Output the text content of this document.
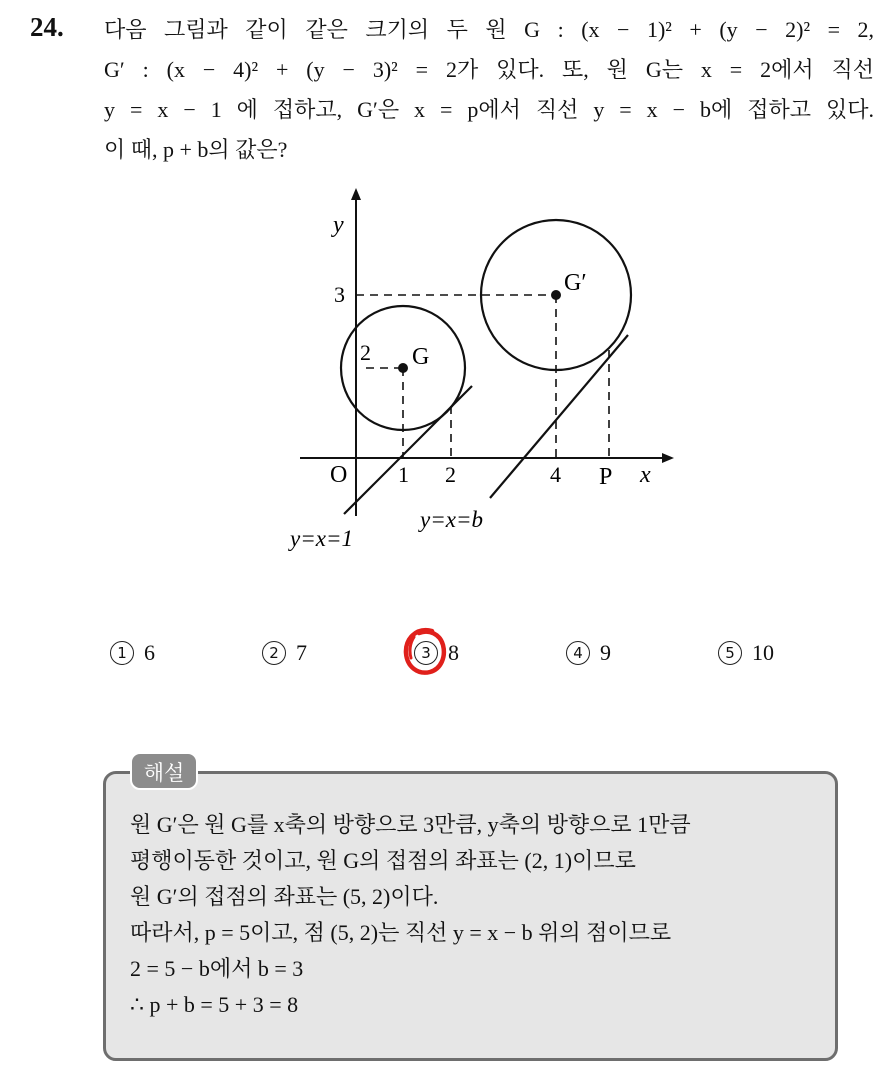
24. 다음 그림과 같이 같은 크기의 두 원 G : (x − 1)² + (y − 2)² = 2,
G′ : (x − 4)² + (y − 3)² = 2가 있다. 또, 원 G는 x = 2에서 직선
y = x − 1 에 접하고, G′은 x = p에서 직선 y = x − b에 접하고 있다.
이 때, p + b의 값은?
y
x
O
3
2
1 2	4 P
G
G′
y=x=1
y=x=b
1 6	2 7	3 8	4 9	5 10
해설
원 G′은 원 G를 x축의 방향으로 3만큼, y축의 방향으로 1만큼
평행이동한 것이고, 원 G의 접점의 좌표는 (2, 1)이므로
원 G′의 접점의 좌표는 (5, 2)이다.
따라서, p = 5이고, 점 (5, 2)는 직선 y = x − b 위의 점이므로
2 = 5 − b에서 b = 3
∴ p + b = 5 + 3 = 8
